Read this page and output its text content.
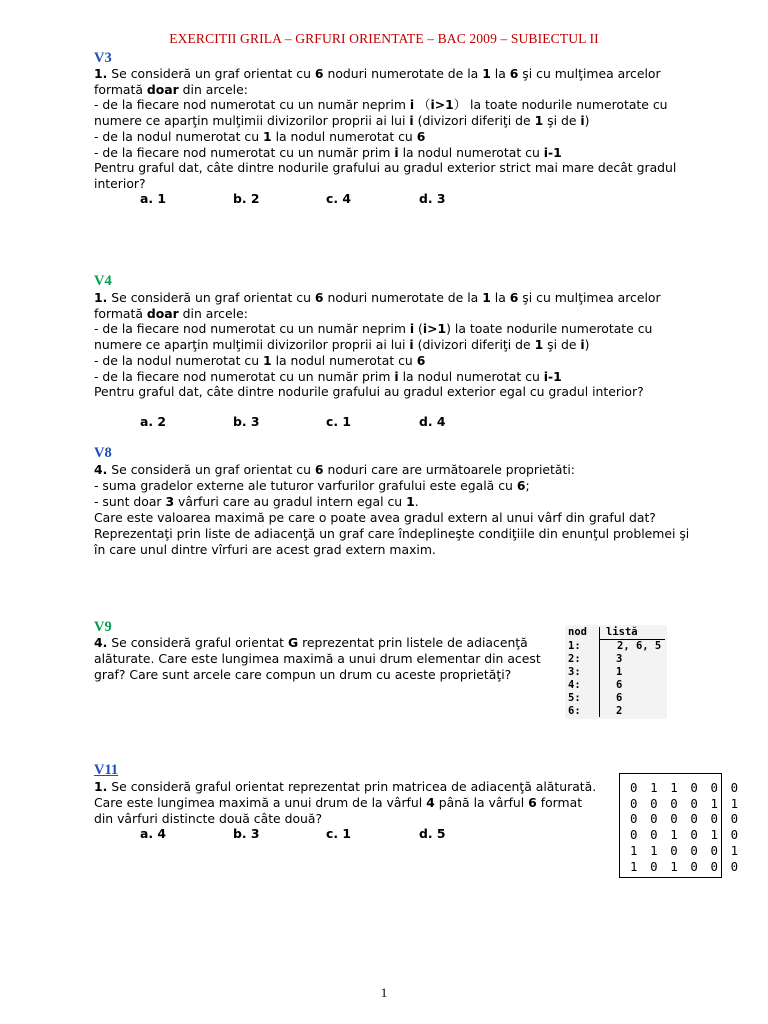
EXERCITII GRILA – GRFURI ORIENTATE – BAC 2009 – SUBIECTUL II
V3
1. Se consideră un graf orientat cu 6 noduri numerotate de la 1 la 6 şi cu mulţimea arcelor
formată doar din arcele:
- de la fiecare nod numerotat cu un număr neprim i （i>1） la toate nodurile numerotate cu
numere ce aparţin mulţimii divizorilor proprii ai lui i (divizori diferiţi de 1 şi de i)
- de la nodul numerotat cu 1 la nodul numerotat cu 6
- de la fiecare nod numerotat cu un număr prim i la nodul numerotat cu i-1
Pentru graful dat, câte dintre nodurile grafului au gradul exterior strict mai mare decât gradul
interior?
a. 1	b. 2	c. 4	d. 3
V4
1. Se consideră un graf orientat cu 6 noduri numerotate de la 1 la 6 şi cu mulţimea arcelor
formată doar din arcele:
- de la fiecare nod numerotat cu un număr neprim i (i>1) la toate nodurile numerotate cu
numere ce aparţin mulţimii divizorilor proprii ai lui i (divizori diferiţi de 1 şi de i)
- de la nodul numerotat cu 1 la nodul numerotat cu 6
- de la fiecare nod numerotat cu un număr prim i la nodul numerotat cu i-1
Pentru graful dat, câte dintre nodurile grafului au gradul exterior egal cu gradul interior?
a. 2	b. 3	c. 1	d. 4
V8
4. Se consideră un graf orientat cu 6 noduri care are următoarele proprietăti:
- suma gradelor externe ale tuturor varfurilor grafului este egală cu 6;
- sunt doar 3 vârfuri care au gradul intern egal cu 1.
Care este valoarea maximă pe care o poate avea gradul extern al unui vârf din graful dat?
Reprezentaţi prin liste de adiacenţă un graf care îndeplineşte condiţiile din enunţul problemei şi
în care unul dintre vîrfuri are acest grad extern maxim.
V9
4. Se consideră graful orientat G reprezentat prin listele de adiacenţă
alăturate. Care este lungimea maximă a unui drum elementar din acest
graf? Care sunt arcele care compun un drum cu aceste proprietăţi?
nod listă
1:	2, 6, 5
2:	3
3:	1
4:	6
5:	6
6:	2
V11
1. Se consideră graful orientat reprezentat prin matricea de adiacenţă alăturată.
Care este lungimea maximă a unui drum de la vârful 4 până la vârful 6 format
din vârfuri distincte două câte două?
a. 4	b. 3	c. 1	d. 5
0 1 1 0 0 0
0 0 0 0 1 1
0 0 0 0 0 0
0 0 1 0 1 0
1 1 0 0 0 1
1 0 1 0 0 0
1
